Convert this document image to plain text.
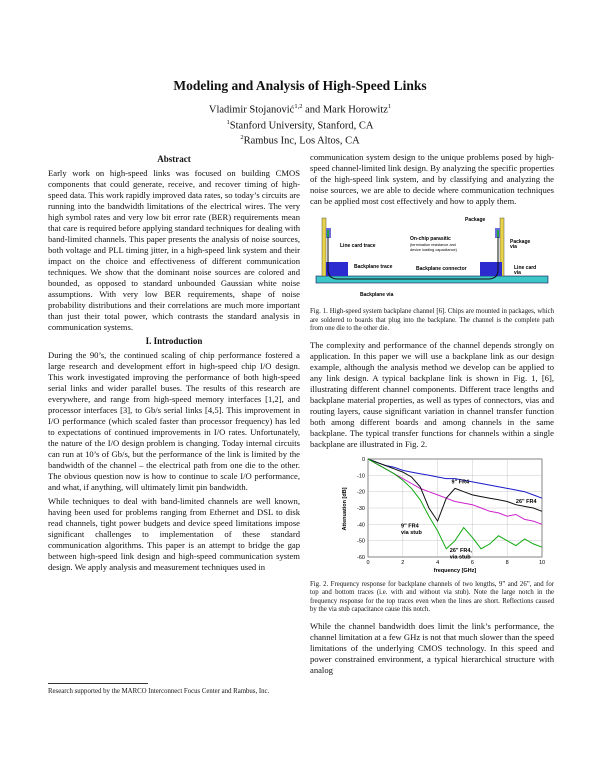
Modeling and Analysis of High-Speed Links
Vladimir Stojanović$^{1,2}$ and Mark Horowitz$^1$
$^1$Stanford University, Stanford, CA
$^2$Rambus Inc, Los Altos, CA
Abstract

Early work on high-speed links was focused on building CMOS components that could generate, receive, and recover timing of high-speed data. This work rapidly improved data rates, so today’s circuits are running into the bandwidth limitations of the electrical wires. The very high symbol rates and very low bit error rate (BER) requirements mean that care is required before applying standard techniques for dealing with band-limited channels. This paper presents the analysis of noise sources, both voltage and PLL timing jitter, in a high-speed link system and their impact on the choice and effectiveness of different communication techniques. We show that the dominant noise sources are colored and bounded, as opposed to standard unbounded Gaussian white noise assumptions. With very low BER requirements, shape of noise probability distributions and their correlations are much more important than just their total power, which contrasts the standard analysis in communication systems.

I. Introduction

During the 90’s, the continued scaling of chip performance fostered a large research and development effort in high-speed chip I/O design. This work investigated improving the performance of both high-speed serial links and wider parallel buses. The results of this research are everywhere, and range from high-speed memory interfaces [1,2], and processor interfaces [3], to Gb/s serial links [4,5]. This improvement in I/O performance (which scaled faster than processor frequency) has led to expectations of continued improvements in I/O rates. Unfortunately, the nature of the I/O design problem is changing. Today internal circuits can run at 10’s of Gb/s, but the performance of the link is limited by the bandwidth of the channel – the electrical path from one die to the other. The obvious question now is how to continue to scale I/O performance, and what, if anything, will ultimately limit pin bandwidth.

While techniques to deal with band-limited channels are well known, having been used for problems ranging from Ethernet and DSL to disk read channels, tight power budgets and device speed limitations impose significant challenges to implementation of these standard communication algorithms. This paper is an attempt to bridge the gap between high-speed link design and high-speed communication system design. We apply analysis and measurement techniques used in

Research supported by the MARCO Interconnect Focus Center and Rambus, Inc.

communication system design to the unique problems posed by high-speed channel-limited link design. By analyzing the specific properties of the high-speed link system, and by classifying and analyzing the noise sources, we are able to decide where communication techniques can be applied most cost effectively and how to apply them.

Package
On-chip parasitic
(termination resistance and
device loading capacitance)
Package
via
Line card trace
Backplane trace	Backplane connector	Line card
via
Backplane via
Fig. 1. High-speed system backplane channel [6]. Chips are mounted in packages, which are soldered to boards that plug into the backplane. The channel is the complete path from one die to the other die.

The complexity and performance of the channel depends strongly on application. In this paper we will use a backplane link as our design example, although the analysis method we develop can be applied to any link design. A typical backplane link is shown in Fig. 1, [6], illustrating different channel components. Different trace lengths and backplane material properties, as well as types of connectors, vias and routing layers, cause significant variation in channel transfer function both among different boards and among channels in the same backplane. The typical transfer functions for channels within a single backplane are illustrated in Fig. 2.

0	2	4	6	8	10
0
-10
-20
-30
-40
-50
-60
9" FR4
26" FR4
9" FR4
via stub
26" FR4,
via stub
frequency [GHz]
Attenuation [dB]
Fig. 2. Frequency response for backplane channels of two lengths, 9” and 26”, and for top and bottom traces (i.e. with and without via stub). Note the large notch in the frequency response for the top traces even when the lines are short. Reflections caused by the via stub capacitance cause this notch.

While the channel bandwidth does limit the link’s performance, the channel limitation at a few GHz is not that much slower than the speed limitations of the underlying CMOS technology. In this speed and power constrained environment, a typical hierarchical structure with analog
